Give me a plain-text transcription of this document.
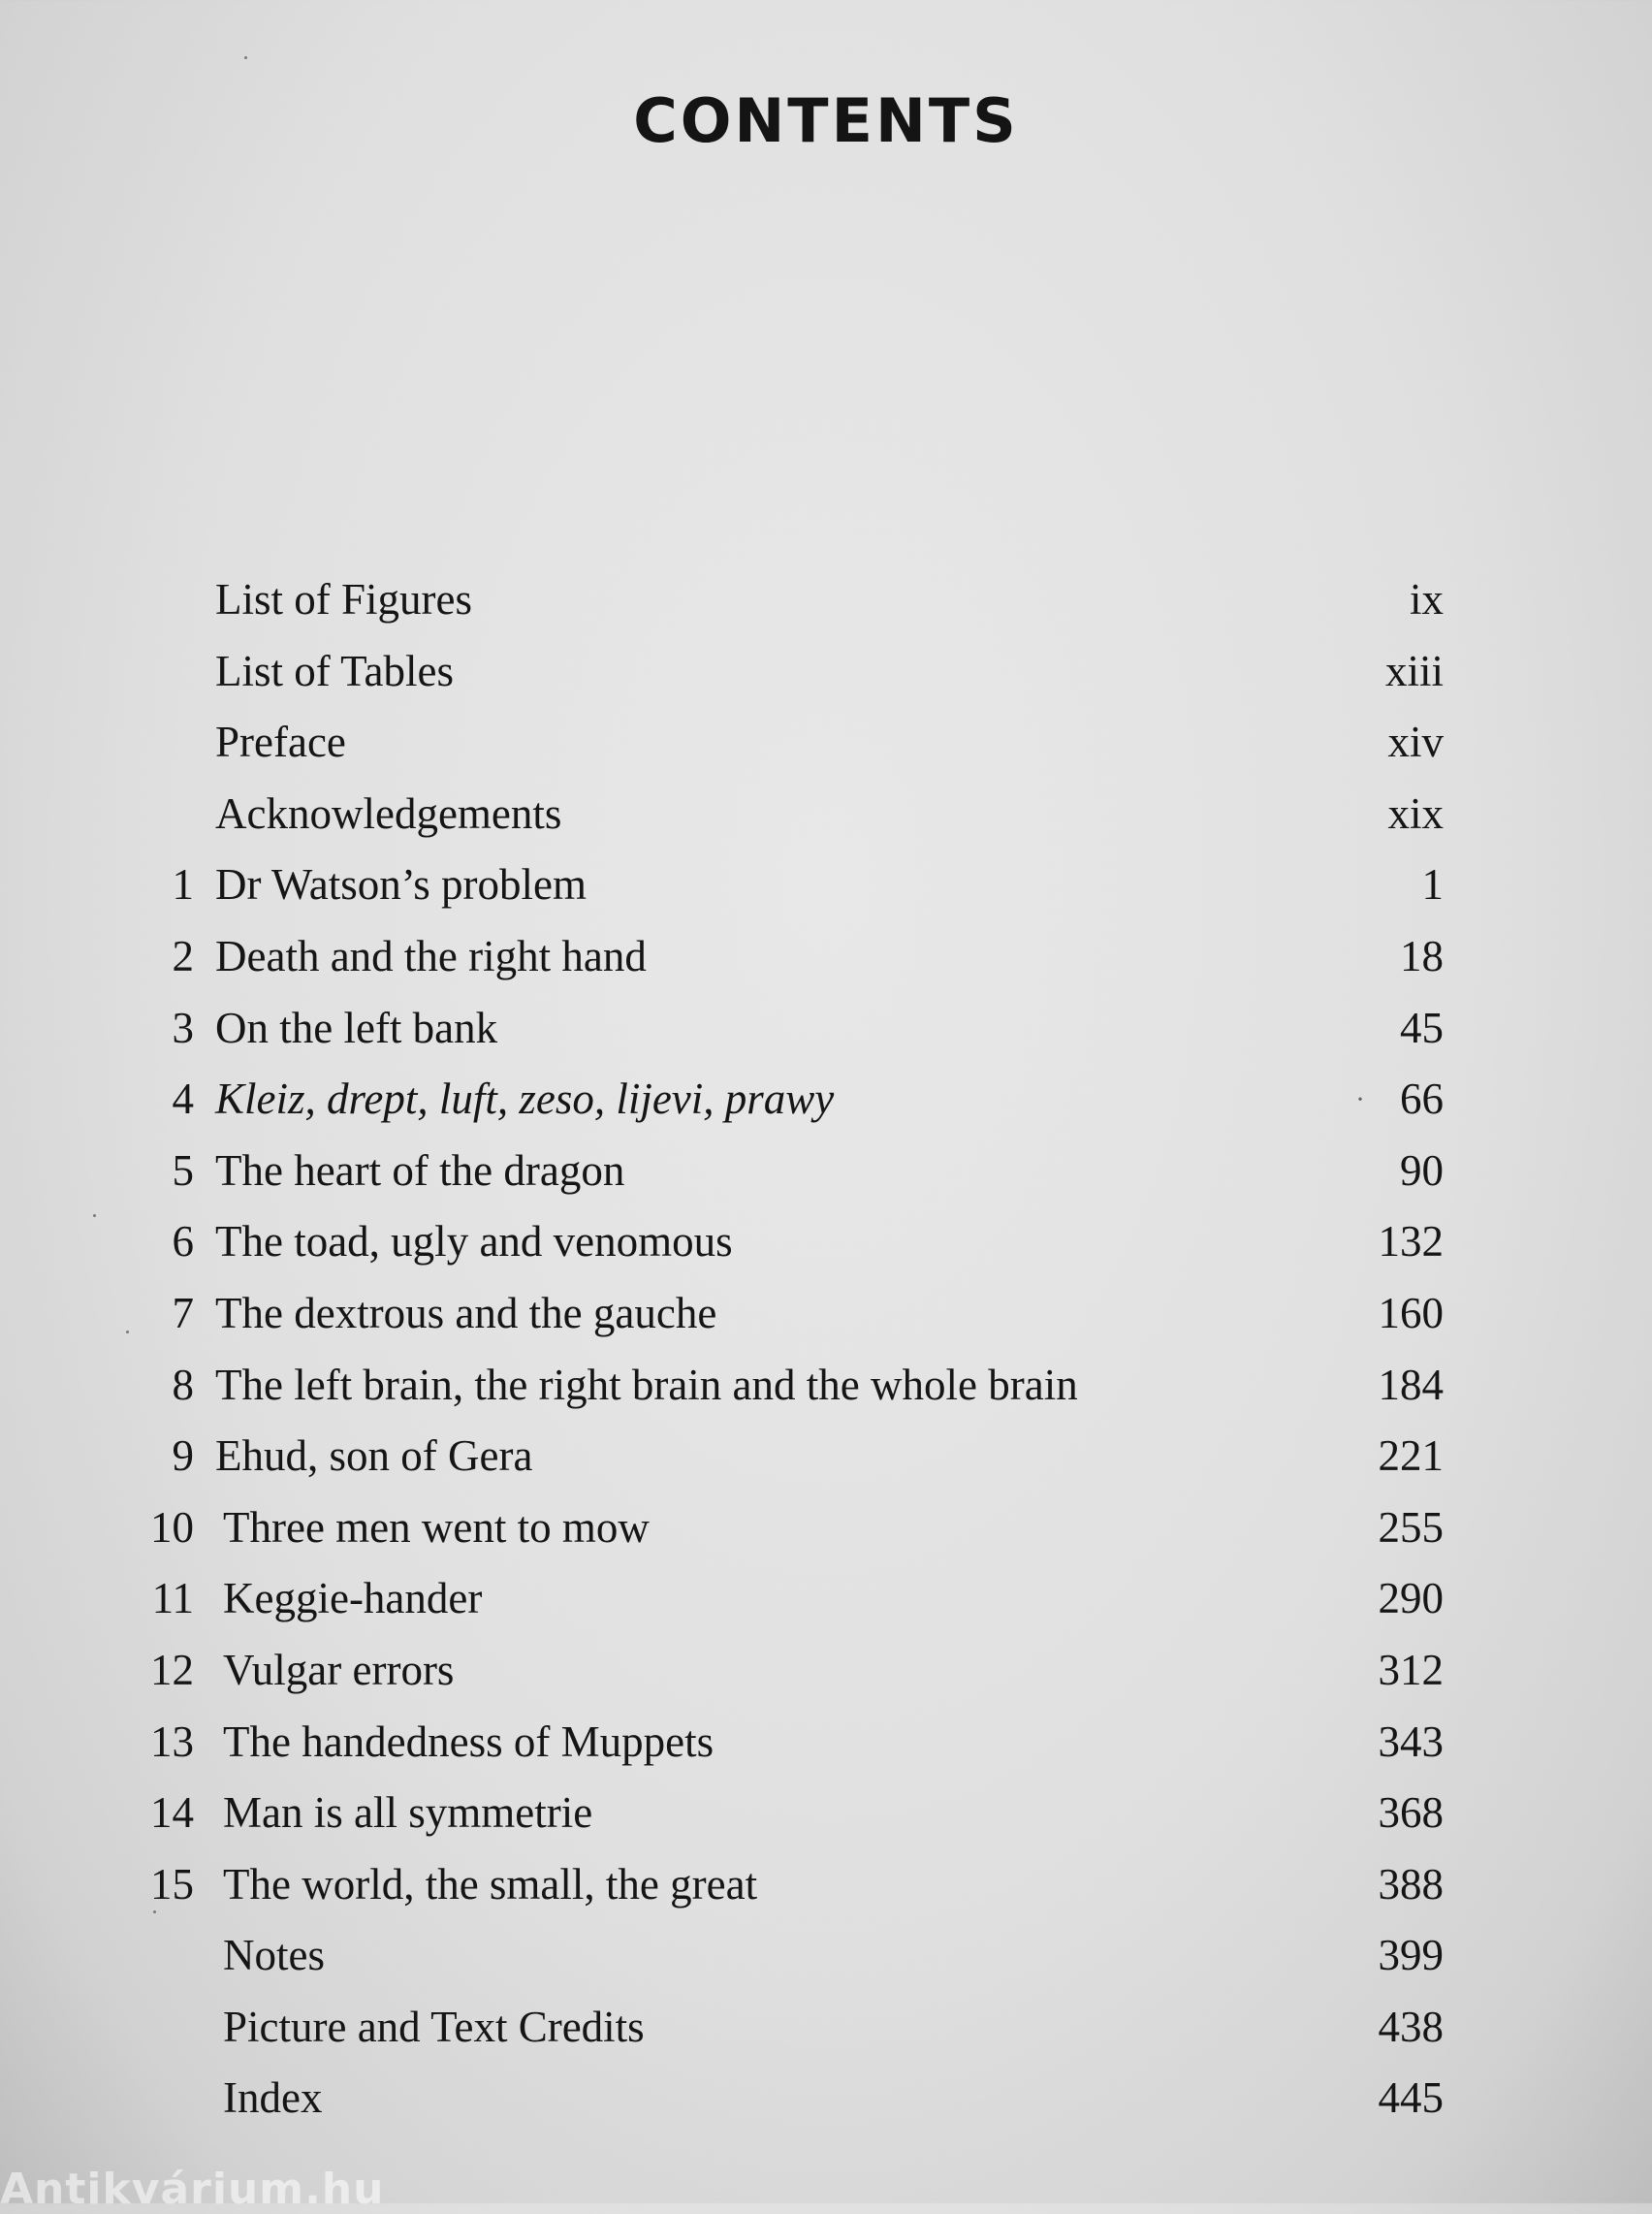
CONTENTS
List of Figures	ix
List of Tables	xiii
Preface	xiv
Acknowledgements	xix
1 Dr Watson’s problem	1
2 Death and the right hand	18
3 On the left bank	45
4 Kleiz, drept, luft, zeso, lijevi, prawy	· 66
5 The heart of the dragon	90
6 The toad, ugly and venomous	132
7 The dextrous and the gauche	160
8 The left brain, the right brain and the whole brain	184
9 Ehud, son of Gera	221
10 Three men went to mow	255
11 Keggie-hander	290
12 Vulgar errors	312
13 The handedness of Muppets	343
14 Man is all symmetrie	368
15 The world, the small, the great	388
Notes	399
Picture and Text Credits	438
Index	445
Antikvárium.hu
